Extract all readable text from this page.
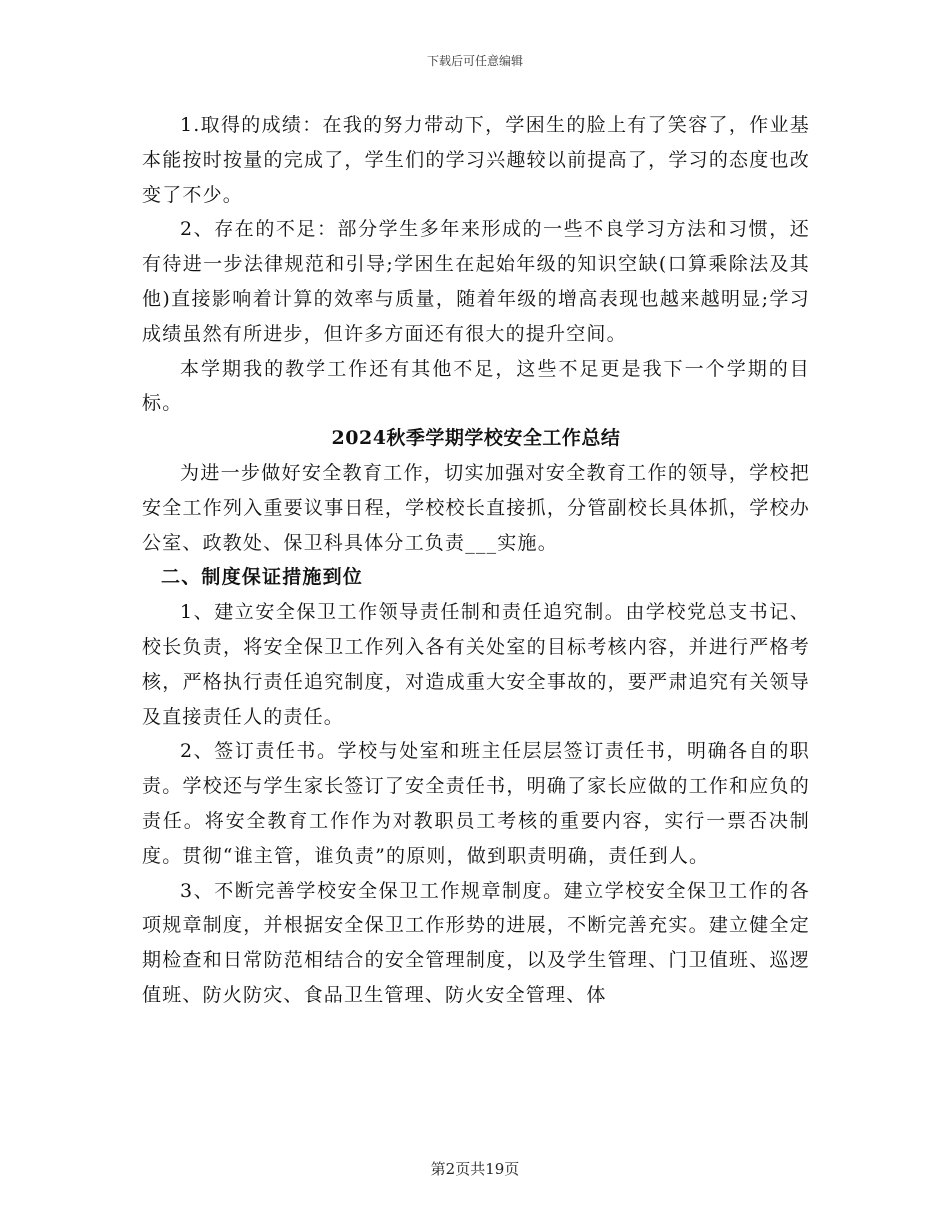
下载后可任意编辑

1.取得的成绩：在我的努力带动下，学困生的脸上有了笑容了，作业基本能按时按量的完成了，学生们的学习兴趣较以前提高了，学习的态度也改变了不少。

2、存在的不足：部分学生多年来形成的一些不良学习方法和习惯，还有待进一步法律规范和引导;学困生在起始年级的知识空缺(口算乘除法及其他)直接影响着计算的效率与质量，随着年级的增高表现也越来越明显;学习成绩虽然有所进步，但许多方面还有很大的提升空间。

本学期我的教学工作还有其他不足，这些不足更是我下一个学期的目标。

2024秋季学期学校安全工作总结

为进一步做好安全教育工作，切实加强对安全教育工作的领导，学校把安全工作列入重要议事日程，学校校长直接抓，分管副校长具体抓，学校办公室、政教处、保卫科具体分工负责___实施。

二、制度保证措施到位

1、建立安全保卫工作领导责任制和责任追究制。由学校党总支书记、校长负责，将安全保卫工作列入各有关处室的目标考核内容，并进行严格考核，严格执行责任追究制度，对造成重大安全事故的，要严肃追究有关领导及直接责任人的责任。

2、签订责任书。学校与处室和班主任层层签订责任书，明确各自的职责。学校还与学生家长签订了安全责任书，明确了家长应做的工作和应负的责任。将安全教育工作作为对教职员工考核的重要内容，实行一票否决制度。贯彻“谁主管，谁负责”的原则，做到职责明确，责任到人。

3、不断完善学校安全保卫工作规章制度。建立学校安全保卫工作的各项规章制度，并根据安全保卫工作形势的进展，不断完善充实。建立健全定期检查和日常防范相结合的安全管理制度，以及学生管理、门卫值班、巡逻值班、防火防灾、食品卫生管理、防火安全管理、体

第2页共19页
